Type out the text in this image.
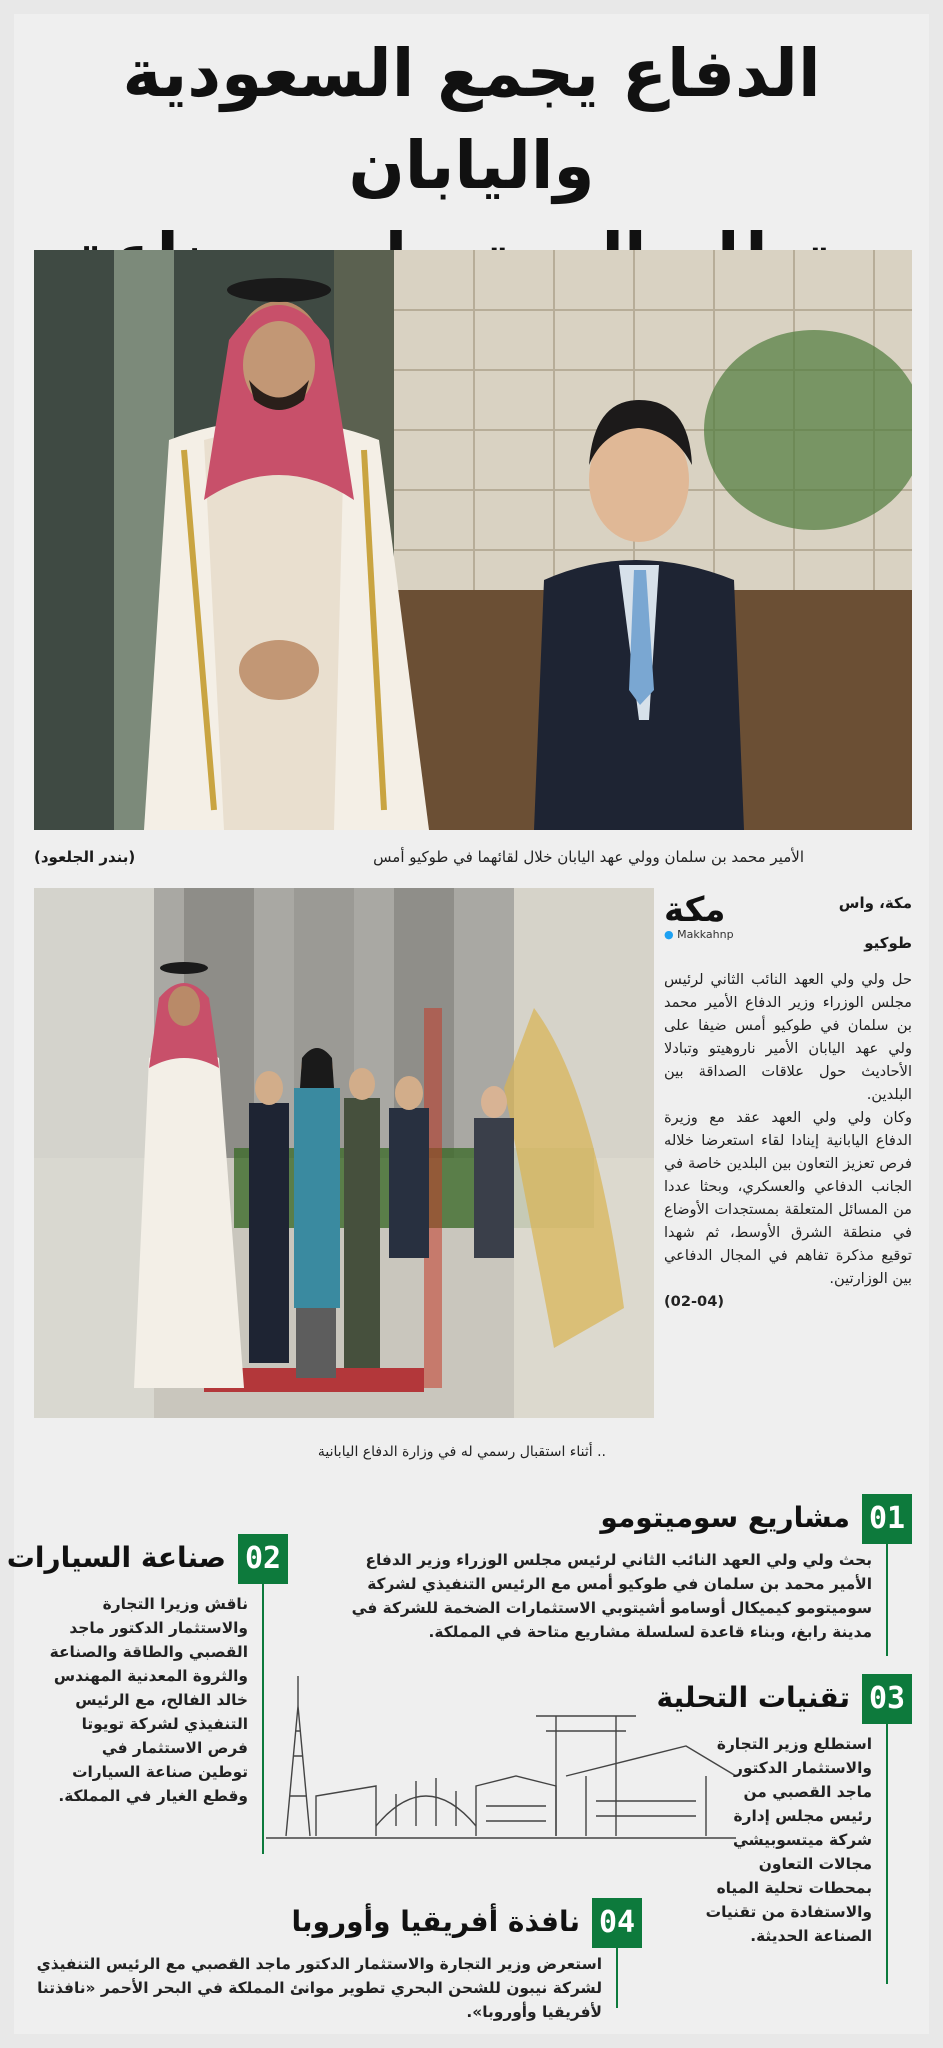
الدفاع يجمع السعودية واليابان
الأمير محمد بن سلمان وولي عهد اليابان خلال لقائهما في طوكيو أمس
(بندر الجلعود)
.. أثناء استقبال رسمي له في وزارة الدفاع اليابانية
مكة
● Makkahnp
مكة، واس
طوكيو

حل ولي ولي العهد النائب الثاني لرئيس مجلس الوزراء وزير الدفاع الأمير محمد بن سلمان في طوكيو أمس ضيفا على ولي عهد اليابان الأمير ناروهيتو وتبادلا الأحاديث حول علاقات الصداقة بين البلدين.

وكان ولي ولي العهد عقد مع وزيرة الدفاع اليابانية إينادا لقاء استعرضا خلاله فرص تعزيز التعاون بين البلدين خاصة في الجانب الدفاعي والعسكري، وبحثا عددا من المسائل المتعلقة بمستجدات الأوضاع في منطقة الشرق الأوسط، ثم شهدا توقيع مذكرة تفاهم في المجال الدفاعي بين الوزارتين.

(02-04)

01
مشاريع سوميتومو
بحث ولي ولي العهد النائب الثاني لرئيس مجلس الوزراء وزير الدفاع الأمير محمد بن سلمان في طوكيو أمس مع الرئيس التنفيذي لشركة سوميتومو كيميكال أوسامو أشيتوبي الاستثمارات الضخمة للشركة في مدينة رابغ، وبناء قاعدة لسلسلة مشاريع متاحة في المملكة.
02
صناعة السيارات
ناقش وزيرا التجارة والاستثمار الدكتور ماجد القصبي والطاقة والصناعة والثروة المعدنية المهندس خالد الفالح، مع الرئيس التنفيذي لشركة تويوتا فرص الاستثمار في توطين صناعة السيارات وقطع الغيار في المملكة.
03
تقنيات التحلية
استطلع وزير التجارة والاستثمار الدكتور ماجد القصبي من رئيس مجلس إدارة شركة ميتسوبيشي مجالات التعاون بمحطات تحلية المياه والاستفادة من تقنيات الصناعة الحديثة.
04
نافذة أفريقيا وأوروبا
استعرض وزير التجارة والاستثمار الدكتور ماجد القصبي مع الرئيس التنفيذي لشركة نيبون للشحن البحري تطوير موانئ المملكة في البحر الأحمر «نافذتنا لأفريقيا وأوروبا».
